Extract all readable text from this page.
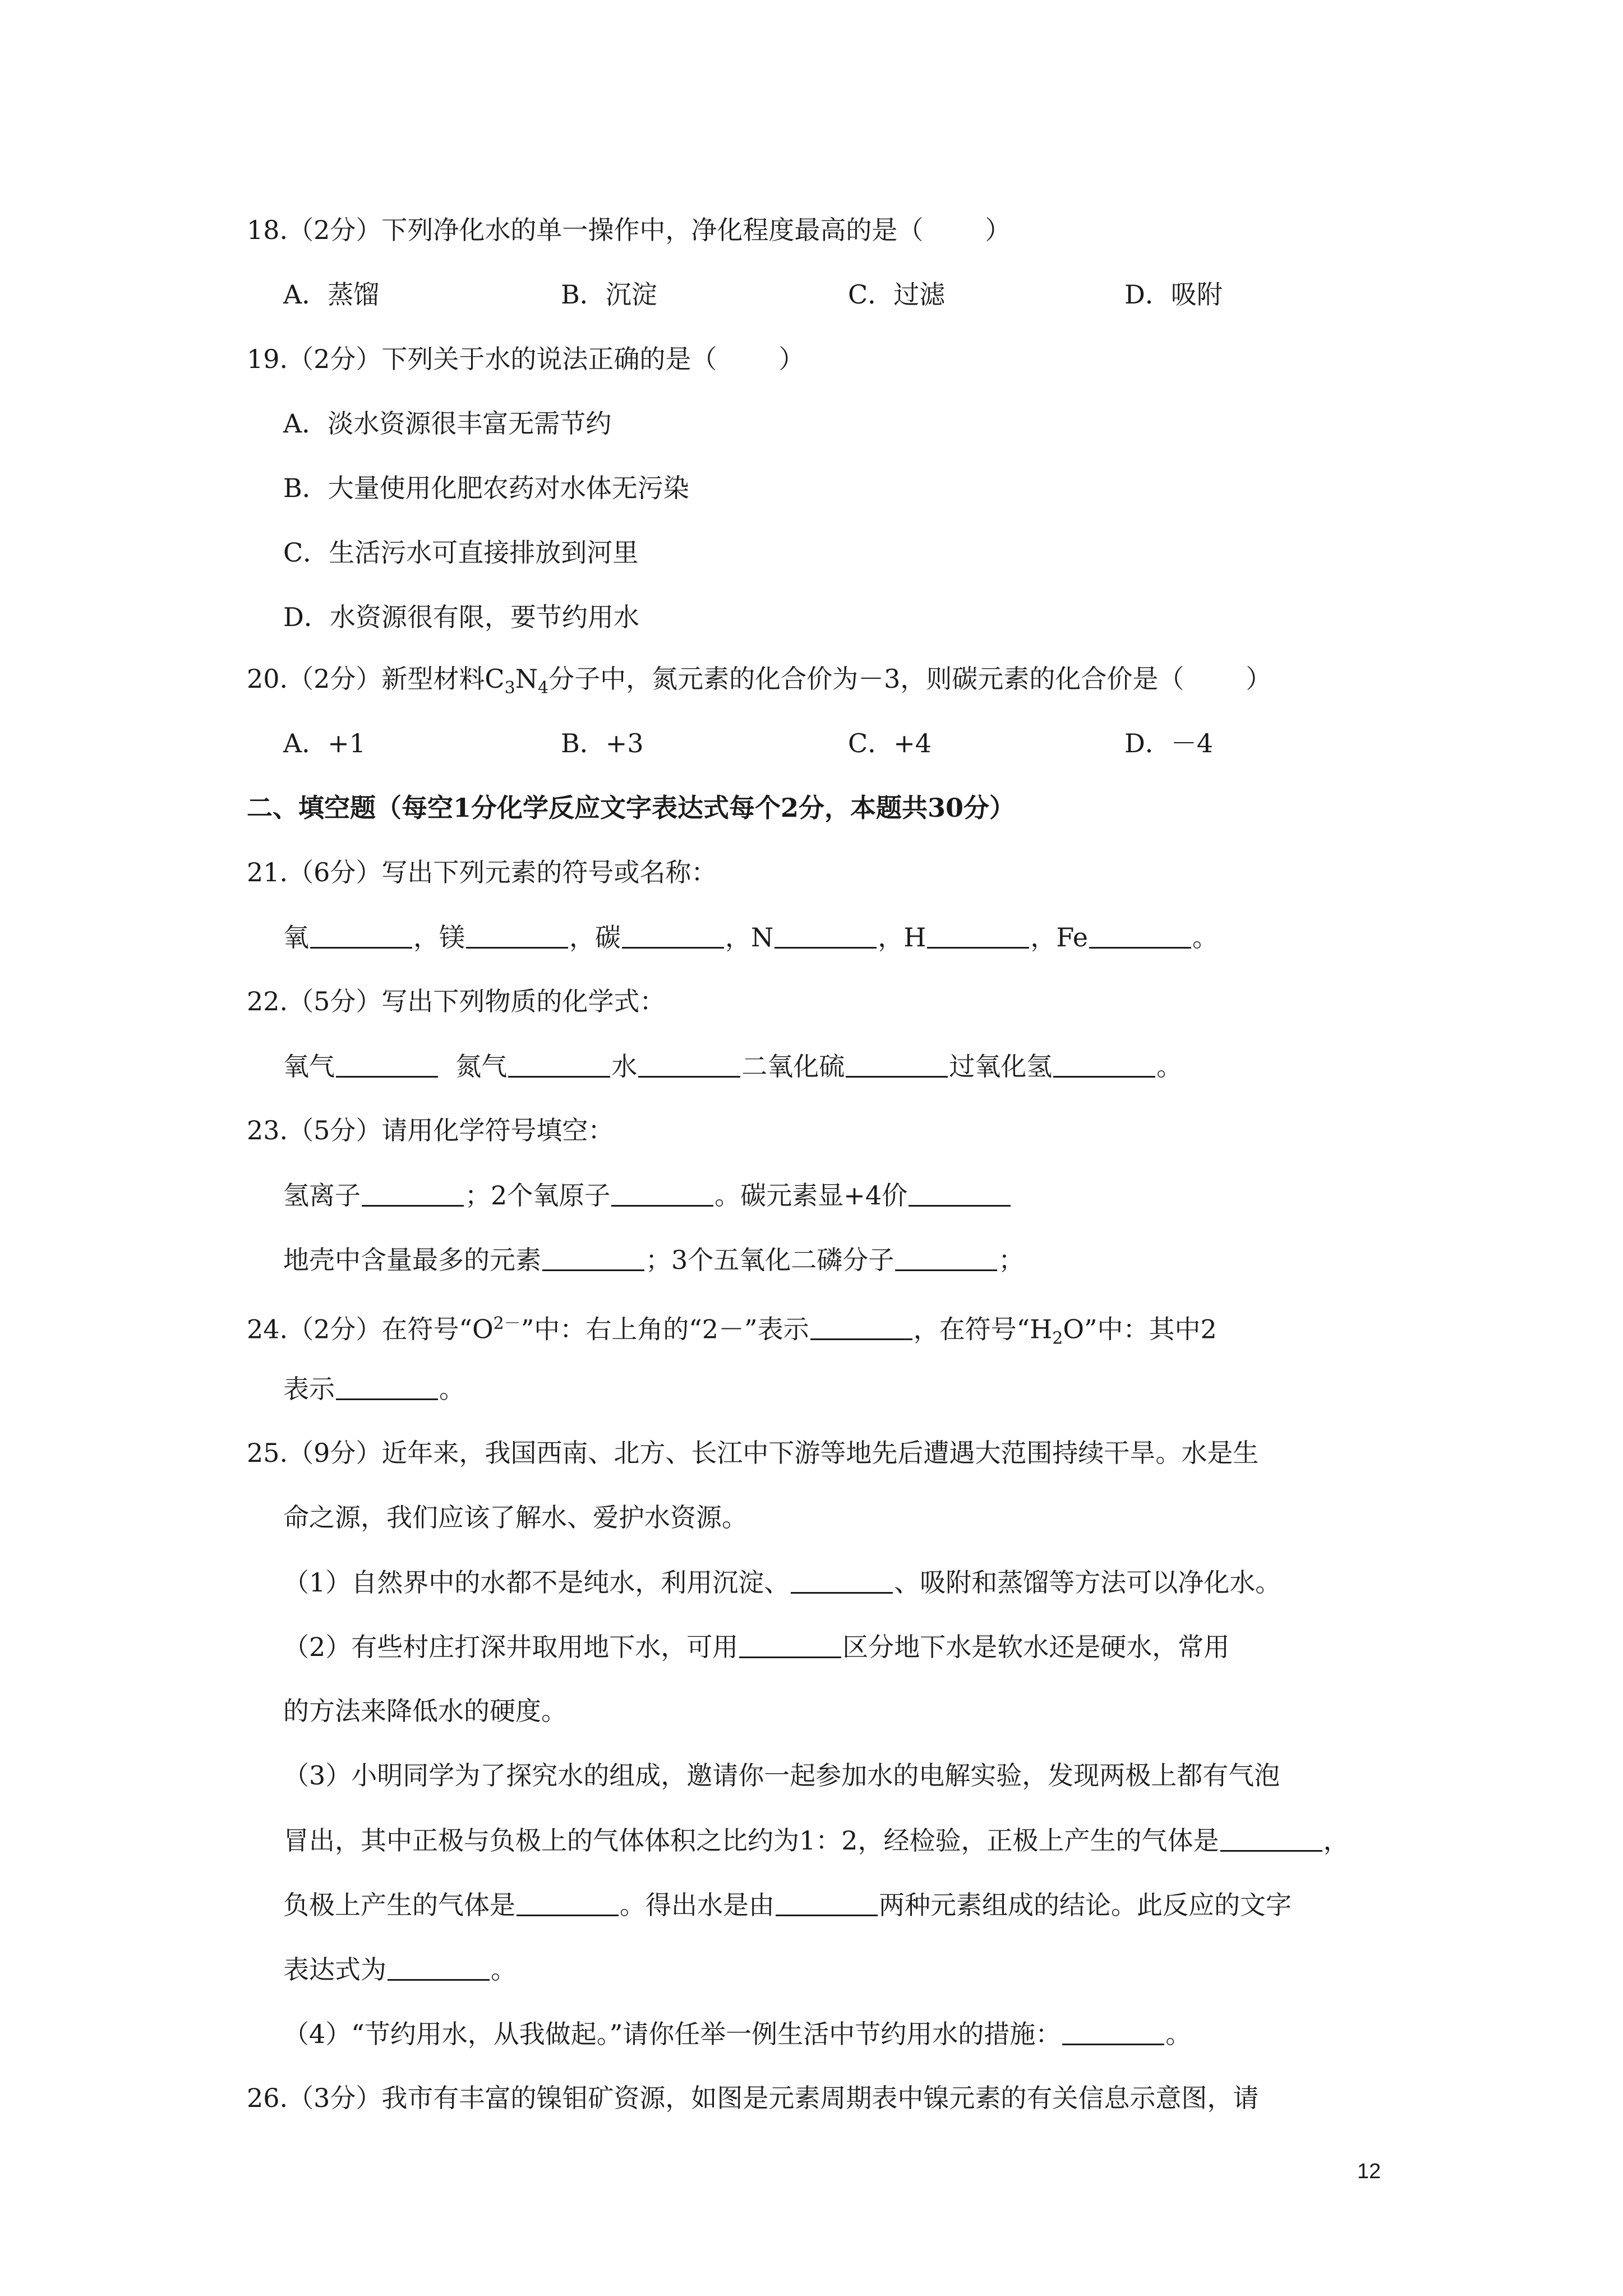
18.（2分）下列净化水的单一操作中，净化程度最高的是（ ）
A．蒸馏	B．沉淀	C．过滤	D．吸附
19.（2分）下列关于水的说法正确的是（ ）
A．淡水资源很丰富无需节约
B．大量使用化肥农药对水体无污染
C．生活污水可直接排放到河里
D．水资源很有限，要节约用水
20.（2分）新型材料$C_3N_4$分子中，氮元素的化合价为－3，则碳元素的化合价是（ ）
A．+1	B．+3	C．+4	D．－4
二、填空题（每空1分化学反应文字表达式每个2分，本题共30分）
21.（6分）写出下列元素的符号或名称：
氧	，镁	，碳	，N	，H	，Fe	。
22.（5分）写出下列物质的化学式：
氧气	氮气	水	二氧化硫	过氧化氢	。
23.（5分）请用化学符号填空：
氢离子	；2个氧原子	。碳元素显+4价
地壳中含量最多的元素	；3个五氧化二磷分子	；
24.（2分）在符号“$O^{2-}$”中：右上角的“2－”表示	，在符号“$H_2O$”中：其中2
表示	。
25.（9分）近年来，我国西南、北方、长江中下游等地先后遭遇大范围持续干旱。水是生
命之源，我们应该了解水、爱护水资源。
（1）自然界中的水都不是纯水，利用沉淀、	、吸附和蒸馏等方法可以净化水。
（2）有些村庄打深井取用地下水，可用	区分地下水是软水还是硬水，常用
的方法来降低水的硬度。
（3）小明同学为了探究水的组成，邀请你一起参加水的电解实验，发现两极上都有气泡
冒出，其中正极与负极上的气体体积之比约为1：2，经检验，正极上产生的气体是	，
负极上产生的气体是	。得出水是由	两种元素组成的结论。此反应的文字
表达式为	。
（4）“节约用水，从我做起。”请你任举一例生活中节约用水的措施：	。
26.（3分）我市有丰富的镍钼矿资源，如图是元素周期表中镍元素的有关信息示意图，请
12
